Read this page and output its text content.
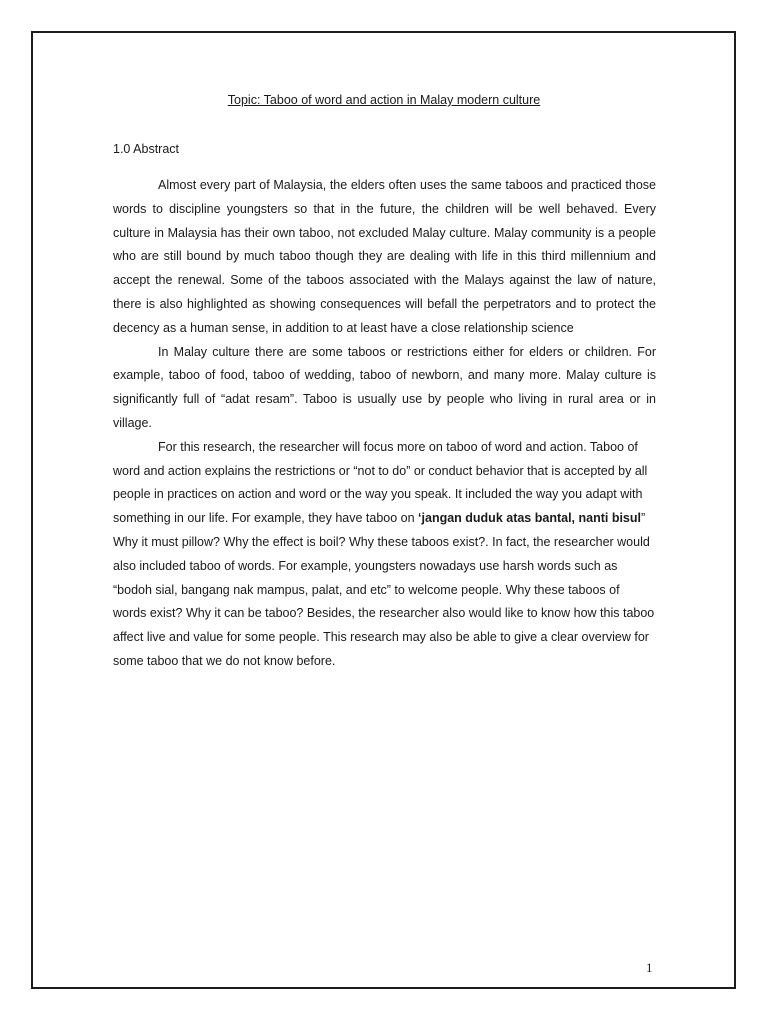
Topic: Taboo of word and action in Malay modern culture
1.0 Abstract

Almost every part of Malaysia, the elders often uses the same taboos and practiced those words to discipline youngsters so that in the future, the children will be well behaved. Every culture in Malaysia has their own taboo, not excluded Malay culture. Malay community is a people who are still bound by much taboo though they are dealing with life in this third millennium and accept the renewal. Some of the taboos associated with the Malays against the law of nature, there is also highlighted as showing consequences will befall the perpetrators and to protect the decency as a human sense, in addition to at least have a close relationship science

In Malay culture there are some taboos or restrictions either for elders or children. For example, taboo of food, taboo of wedding, taboo of newborn, and many more. Malay culture is significantly full of “adat resam”. Taboo is usually use by people who living in rural area or in village.

For this research, the researcher will focus more on taboo of word and action. Taboo of word and action explains the restrictions or “not to do” or conduct behavior that is accepted by all people in practices on action and word or the way you speak. It included the way you adapt with something in our life. For example, they have taboo on ‘jangan duduk atas bantal, nanti bisul” Why it must pillow? Why the effect is boil? Why these taboos exist?. In fact, the researcher would also included taboo of words. For example, youngsters nowadays use harsh words such as “bodoh sial, bangang nak mampus, palat, and etc” to welcome people. Why these taboos of words exist? Why it can be taboo? Besides, the researcher also would like to know how this taboo affect live and value for some people. This research may also be able to give a clear overview for some taboo that we do not know before.

1
